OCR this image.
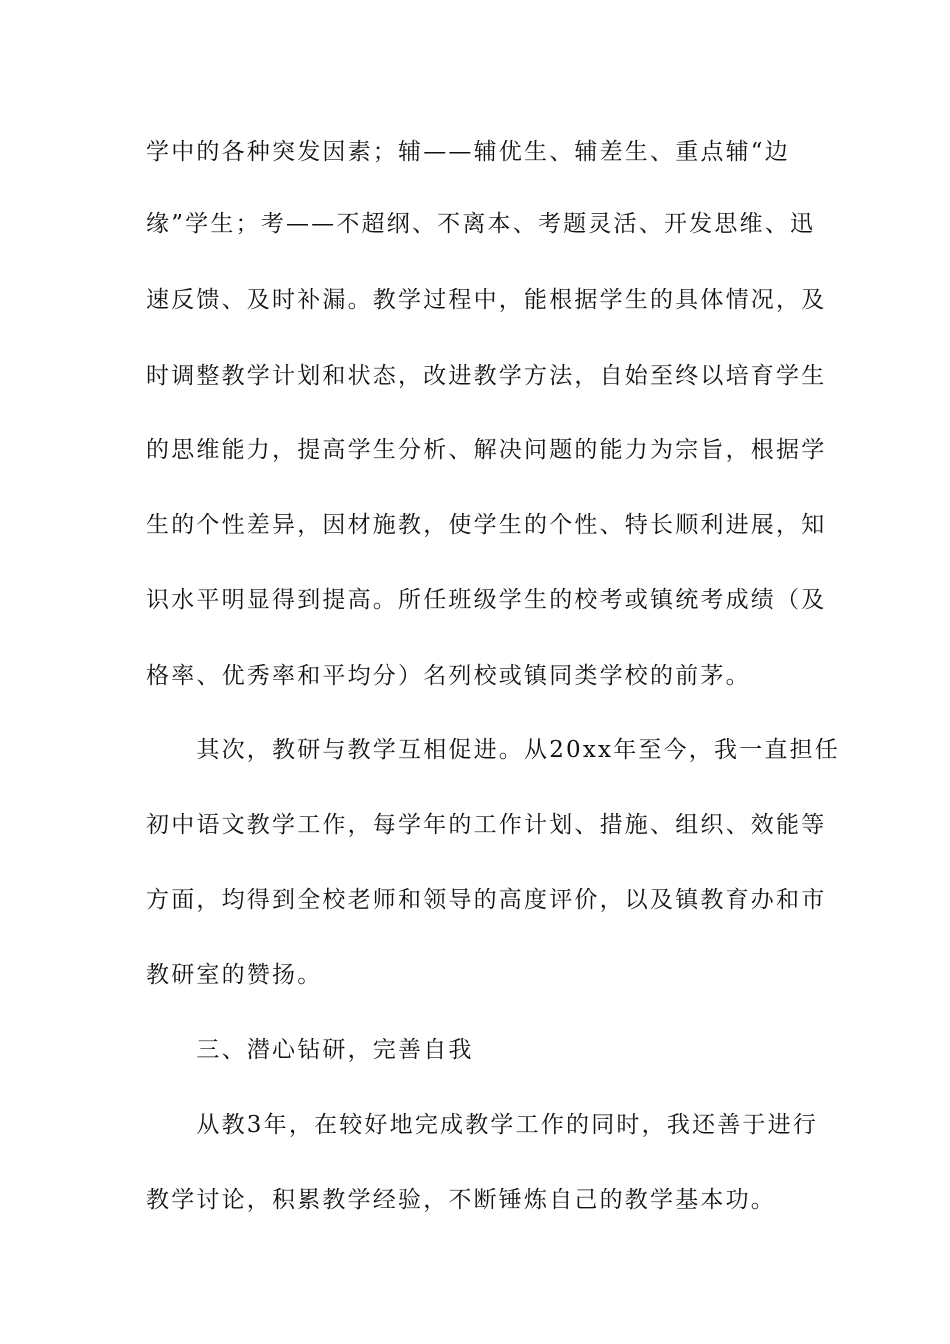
学中的各种突发因素；辅——辅优生、辅差生、重点辅“边
缘”学生；考——不超纲、不离本、考题灵活、开发思维、迅
速反馈、及时补漏。教学过程中，能根据学生的具体情况，及
时调整教学计划和状态，改进教学方法，自始至终以培育学生
的思维能力，提高学生分析、解决问题的能力为宗旨，根据学
生的个性差异，因材施教，使学生的个性、特长顺利进展，知
识水平明显得到提高。所任班级学生的校考或镇统考成绩（及
格率、优秀率和平均分）名列校或镇同类学校的前茅。
　　其次，教研与教学互相促进。从20xx年至今，我一直担任
初中语文教学工作，每学年的工作计划、措施、组织、效能等
方面，均得到全校老师和领导的高度评价，以及镇教育办和市
教研室的赞扬。
　　三、潜心钻研，完善自我
　　从教3年，在较好地完成教学工作的同时，我还善于进行
教学讨论，积累教学经验，不断锤炼自己的教学基本功。
